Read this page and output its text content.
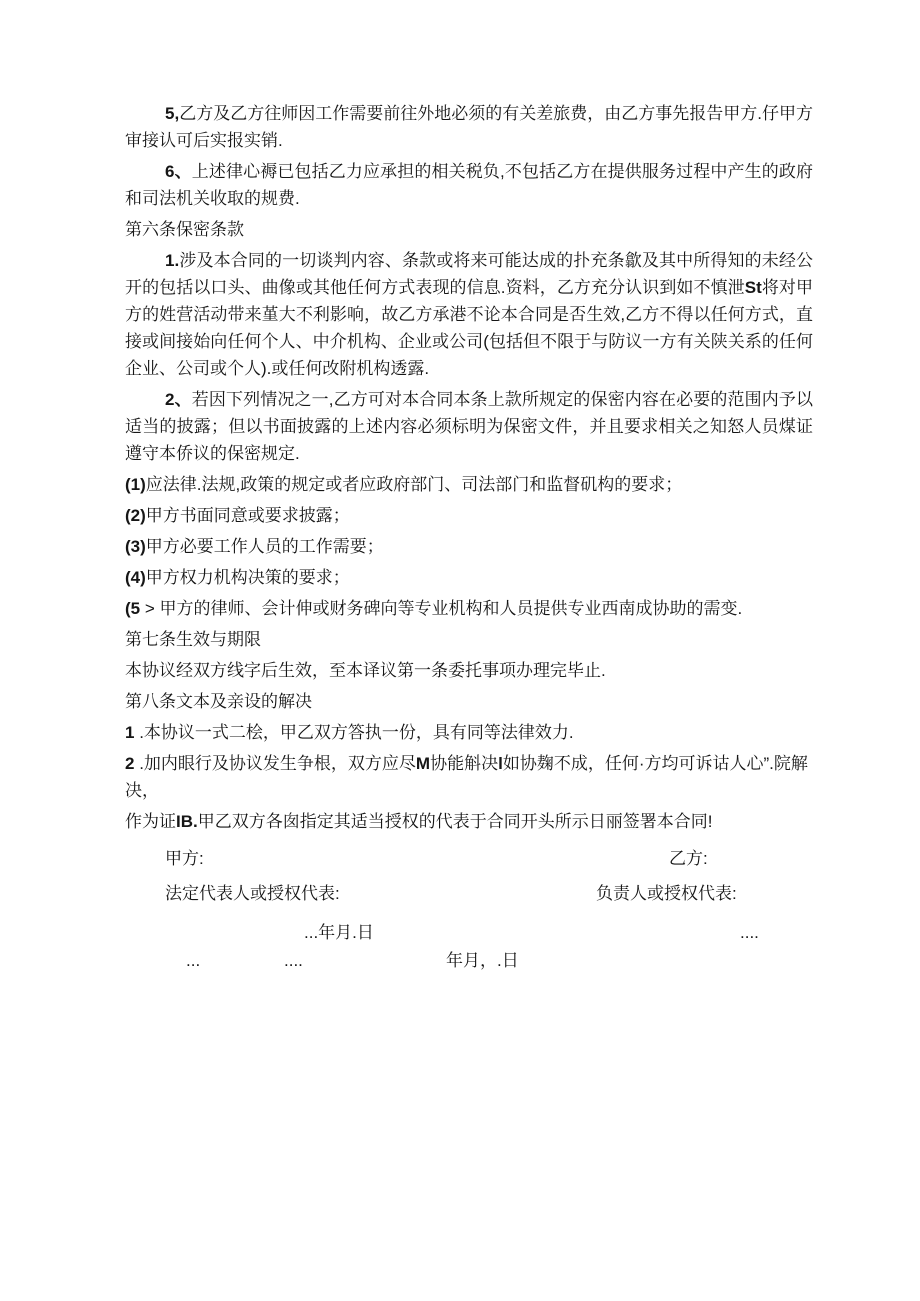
5,乙方及乙方往师因工作需要前往外地必须的有关差旅费，由乙方事先报告甲方.仔甲方审接认可后实报实销.

6、上述律心褥已包括乙力应承担的相关税负,不包括乙方在提供服务过程中产生的政府和司法机关收取的规费.

第六条保密条款

1.涉及本合同的一切谈判内容、条款或将来可能达成的扑充条歙及其中所得知的未经公开的包括以口头、曲像或其他任何方式表现的信息.资料，乙方充分认识到如不慎泄St将对甲方的姓营活动带来堇大不利影响，故乙方承港不论本合同是否生效,乙方不得以任何方式，直接或间接始向任何个人、中介机构、企业或公司(包括但不限于与防议一方有关陕关系的任何企业、公司或个人).或任何改附机构透露.

2、若因下列情况之一,乙方可对本合同本条上款所规定的保密内容在必要的范围内予以适当的披露；但以书面披露的上述内容必须标明为保密文件，并且要求相关之知怒人员煤证遵守本侨议的保密规定.

(1)应法律.法规,政策的规定或者应政府部门、司法部门和监督矶构的要求；

(2)甲方书面同意或要求披露；

(3)甲方必要工作人员的工作需要；

(4)甲方权力机构决策的要求；

(5 > 甲方的律师、会计伸或财务碑向等专业机构和人员提供专业西南成协助的需变.

第七条生效与期限

本协议经双方线字后生效，至本译议第一条委托事项办理完毕止.

第八条文本及亲设的解决

1 .本协议一式二桧，甲乙双方答执一份，具有同等法律效力.

2 .加内眼行及协议发生争根，双方应尽M协能斛决l如协麹不成，任何·方均可诉诂人心”.院解决，

作为证IB.甲乙双方各囱指定其适当授权的代表于合同开头所示日丽签署本合同!

甲方:	乙方:
法定代表人或授权代表:	负责人或授权代表:
...年月.日	....
...	....	年月，.日
